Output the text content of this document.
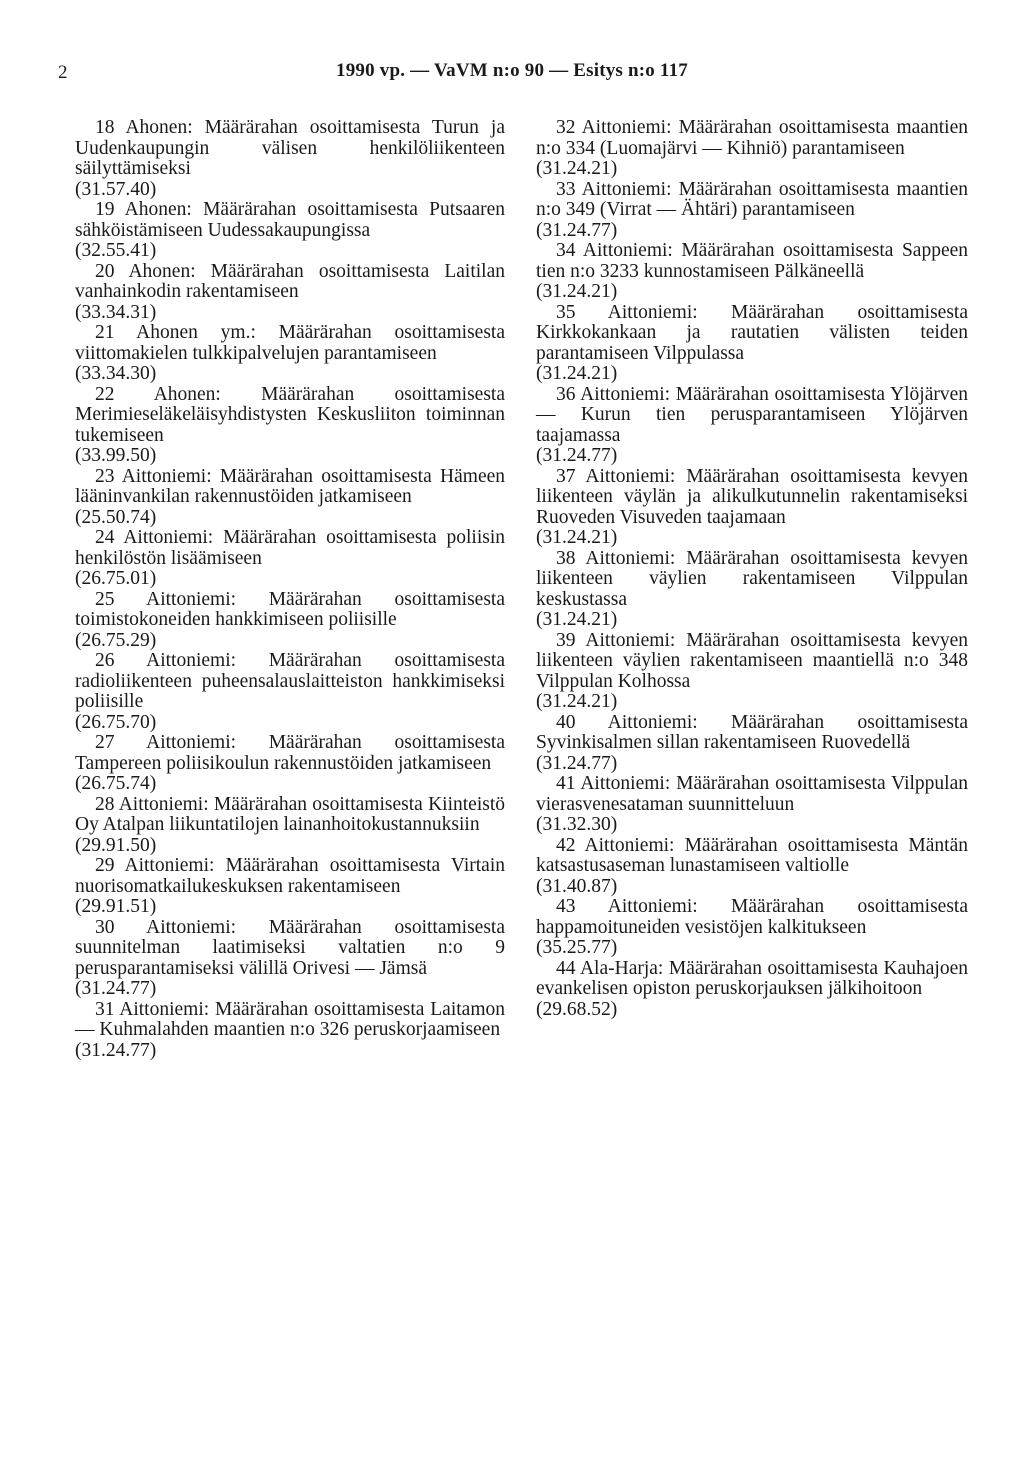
2	1990 vp. — VaVM n:o 90 — Esitys n:o 117

18 Ahonen: Määrärahan osoittamisesta Turun ja Uudenkaupungin välisen henkilöliikenteen säilyttämiseksi

(31.57.40)

19 Ahonen: Määrärahan osoittamisesta Putsaaren sähköistämiseen Uudessakaupungissa

(32.55.41)

20 Ahonen: Määrärahan osoittamisesta Laitilan vanhainkodin rakentamiseen

(33.34.31)

21 Ahonen ym.: Määrärahan osoittamisesta viittomakielen tulkkipalvelujen parantamiseen

(33.34.30)

22 Ahonen: Määrärahan osoittamisesta Merimieseläkeläisyhdistysten Keskusliiton toiminnan tukemiseen

(33.99.50)

23 Aittoniemi: Määrärahan osoittamisesta Hämeen lääninvankilan rakennustöiden jatkamiseen

(25.50.74)

24 Aittoniemi: Määrärahan osoittamisesta poliisin henkilöstön lisäämiseen

(26.75.01)

25 Aittoniemi: Määrärahan osoittamisesta toimistokoneiden hankkimiseen poliisille

(26.75.29)

26 Aittoniemi: Määrärahan osoittamisesta radioliikenteen puheensalauslaitteiston hankkimiseksi poliisille

(26.75.70)

27 Aittoniemi: Määrärahan osoittamisesta Tampereen poliisikoulun rakennustöiden jatkamiseen

(26.75.74)

28 Aittoniemi: Määrärahan osoittamisesta Kiinteistö Oy Atalpan liikuntatilojen lainanhoitokustannuksiin

(29.91.50)

29 Aittoniemi: Määrärahan osoittamisesta Virtain nuorisomatkailukeskuksen rakentamiseen

(29.91.51)

30 Aittoniemi: Määrärahan osoittamisesta suunnitelman laatimiseksi valtatien n:o 9 perusparantamiseksi välillä Orivesi — Jämsä

(31.24.77)

31 Aittoniemi: Määrärahan osoittamisesta Laitamon — Kuhmalahden maantien n:o 326 peruskorjaamiseen

(31.24.77)

32 Aittoniemi: Määrärahan osoittamisesta maantien n:o 334 (Luomajärvi — Kihniö) parantamiseen

(31.24.21)

33 Aittoniemi: Määrärahan osoittamisesta maantien n:o 349 (Virrat — Ähtäri) parantamiseen

(31.24.77)

34 Aittoniemi: Määrärahan osoittamisesta Sappeen tien n:o 3233 kunnostamiseen Pälkäneellä

(31.24.21)

35 Aittoniemi: Määrärahan osoittamisesta Kirkkokankaan ja rautatien välisten teiden parantamiseen Vilppulassa

(31.24.21)

36 Aittoniemi: Määrärahan osoittamisesta Ylöjärven — Kurun tien perusparantamiseen Ylöjärven taajamassa

(31.24.77)

37 Aittoniemi: Määrärahan osoittamisesta kevyen liikenteen väylän ja alikulkutunnelin rakentamiseksi Ruoveden Visuveden taajamaan

(31.24.21)

38 Aittoniemi: Määrärahan osoittamisesta kevyen liikenteen väylien rakentamiseen Vilppulan keskustassa

(31.24.21)

39 Aittoniemi: Määrärahan osoittamisesta kevyen liikenteen väylien rakentamiseen maantiellä n:o 348 Vilppulan Kolhossa

(31.24.21)

40 Aittoniemi: Määrärahan osoittamisesta Syvinkisalmen sillan rakentamiseen Ruovedellä

(31.24.77)

41 Aittoniemi: Määrärahan osoittamisesta Vilppulan vierasvenesataman suunnitteluun

(31.32.30)

42 Aittoniemi: Määrärahan osoittamisesta Mäntän katsastusaseman lunastamiseen valtiolle

(31.40.87)

43 Aittoniemi: Määrärahan osoittamisesta happamoituneiden vesistöjen kalkitukseen

(35.25.77)

44 Ala-Harja: Määrärahan osoittamisesta Kauhajoen evankelisen opiston peruskorjauksen jälkihoitoon

(29.68.52)
